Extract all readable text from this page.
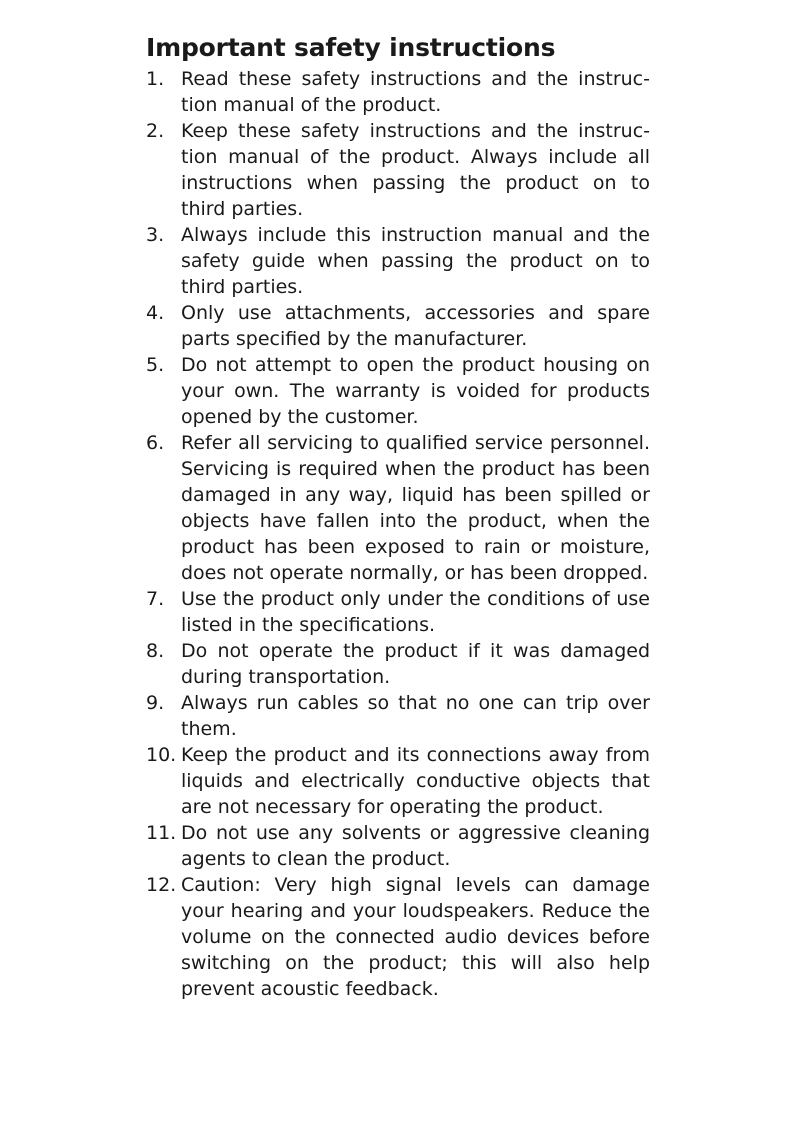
Important safety instructions
1. Read these safety instructions and the instruction manual of the product.
2. Keep these safety instructions and the instruction manual of the product. Always include all instructions when passing the product on to third parties.
3. Always include this instruction manual and the safety guide when passing the product on to third parties.
4. Only use attachments, accessories and spare parts specified by the manufacturer.
5. Do not attempt to open the product housing on your own. The warranty is voided for products opened by the customer.
6. Refer all servicing to qualified service personnel. Servicing is required when the product has been damaged in any way, liquid has been spilled or objects have fallen into the product, when the product has been exposed to rain or moisture, does not operate normally, or has been dropped.
7. Use the product only under the conditions of use listed in the specifications.
8. Do not operate the product if it was damaged during transportation.
9. Always run cables so that no one can trip over them.
10. Keep the product and its connections away from liquids and electrically conductive objects that are not necessary for operating the product.
11. Do not use any solvents or aggressive cleaning agents to clean the product.
12. Caution: Very high signal levels can damage your hearing and your loudspeakers. Reduce the volume on the connected audio devices before switching on the product; this will also help prevent acoustic feedback.
